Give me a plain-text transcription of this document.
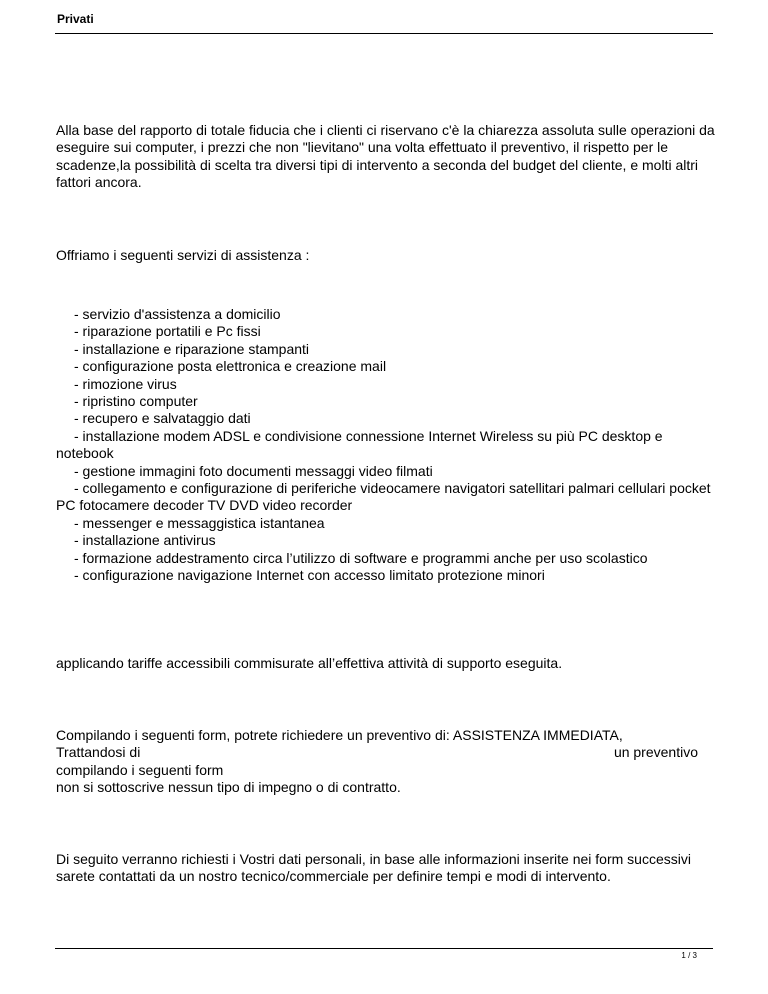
Privati

Alla base del rapporto di totale fiducia che i clienti ci riservano c'è la chiarezza assoluta sulle operazioni da eseguire sui computer, i prezzi che non "lievitano" una volta effettuato il preventivo, il rispetto per le scadenze,la possibilità di scelta tra diversi tipi di intervento a seconda del budget del cliente, e molti altri fattori ancora.

Offriamo i seguenti servizi di assistenza :

- servizio d'assistenza a domicilio
- riparazione portatili e Pc fissi
- installazione e riparazione stampanti
- configurazione posta elettronica e creazione mail
- rimozione virus
- ripristino computer
- recupero e salvataggio dati
- installazione modem ADSL e condivisione connessione Internet Wireless su più PC desktop e notebook
- gestione immagini foto documenti messaggi video filmati
- collegamento e configurazione di periferiche videocamere navigatori satellitari palmari cellulari pocket PC fotocamere decoder TV DVD video recorder
- messenger e messaggistica istantanea
- installazione antivirus
- formazione addestramento circa l’utilizzo di software e programmi anche per uso scolastico
- configurazione navigazione Internet con accesso limitato protezione minori

applicando tariffe accessibili commisurate all’effettiva attività di supporto eseguita.

Compilando i seguenti form, potrete richiedere un preventivo di: ASSISTENZA IMMEDIATA,
Trattandosi di	un preventivo
compilando i seguenti form
non si sottoscrive nessun tipo di impegno o di contratto.

Di seguito verranno richiesti i Vostri dati personali, in base alle informazioni inserite nei form successivi sarete contattati da un nostro tecnico/commerciale per definire tempi e modi di intervento.

1 / 3
